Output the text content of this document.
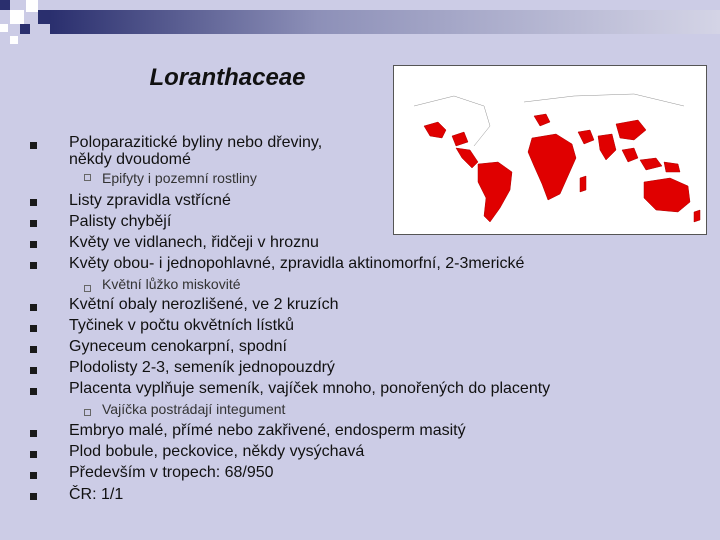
Loranthaceae
Poloparazitické byliny nebo dřeviny,
někdy dvoudomé
Epifyty i pozemní rostliny
Listy zpravidla vstřícné
Palisty chybějí
Květy ve vidlanech, řidčeji v hroznu
Květy obou- i jednopohlavné, zpravidla aktinomorfní, 2-3merické
Květní lůžko miskovité
Květní obaly nerozlišené, ve 2 kruzích
Tyčinek v počtu okvětních lístků
Gyneceum cenokarpní, spodní
Plodolisty 2-3, semeník jednopouzdrý
Placenta vyplňuje semeník, vajíček mnoho, ponořených do placenty
Vajíčka postrádají integument
Embryo malé, přímé nebo zakřivené, endosperm masitý
Plod bobule, peckovice, někdy vysýchavá
Především v tropech: 68/950
ČR: 1/1
